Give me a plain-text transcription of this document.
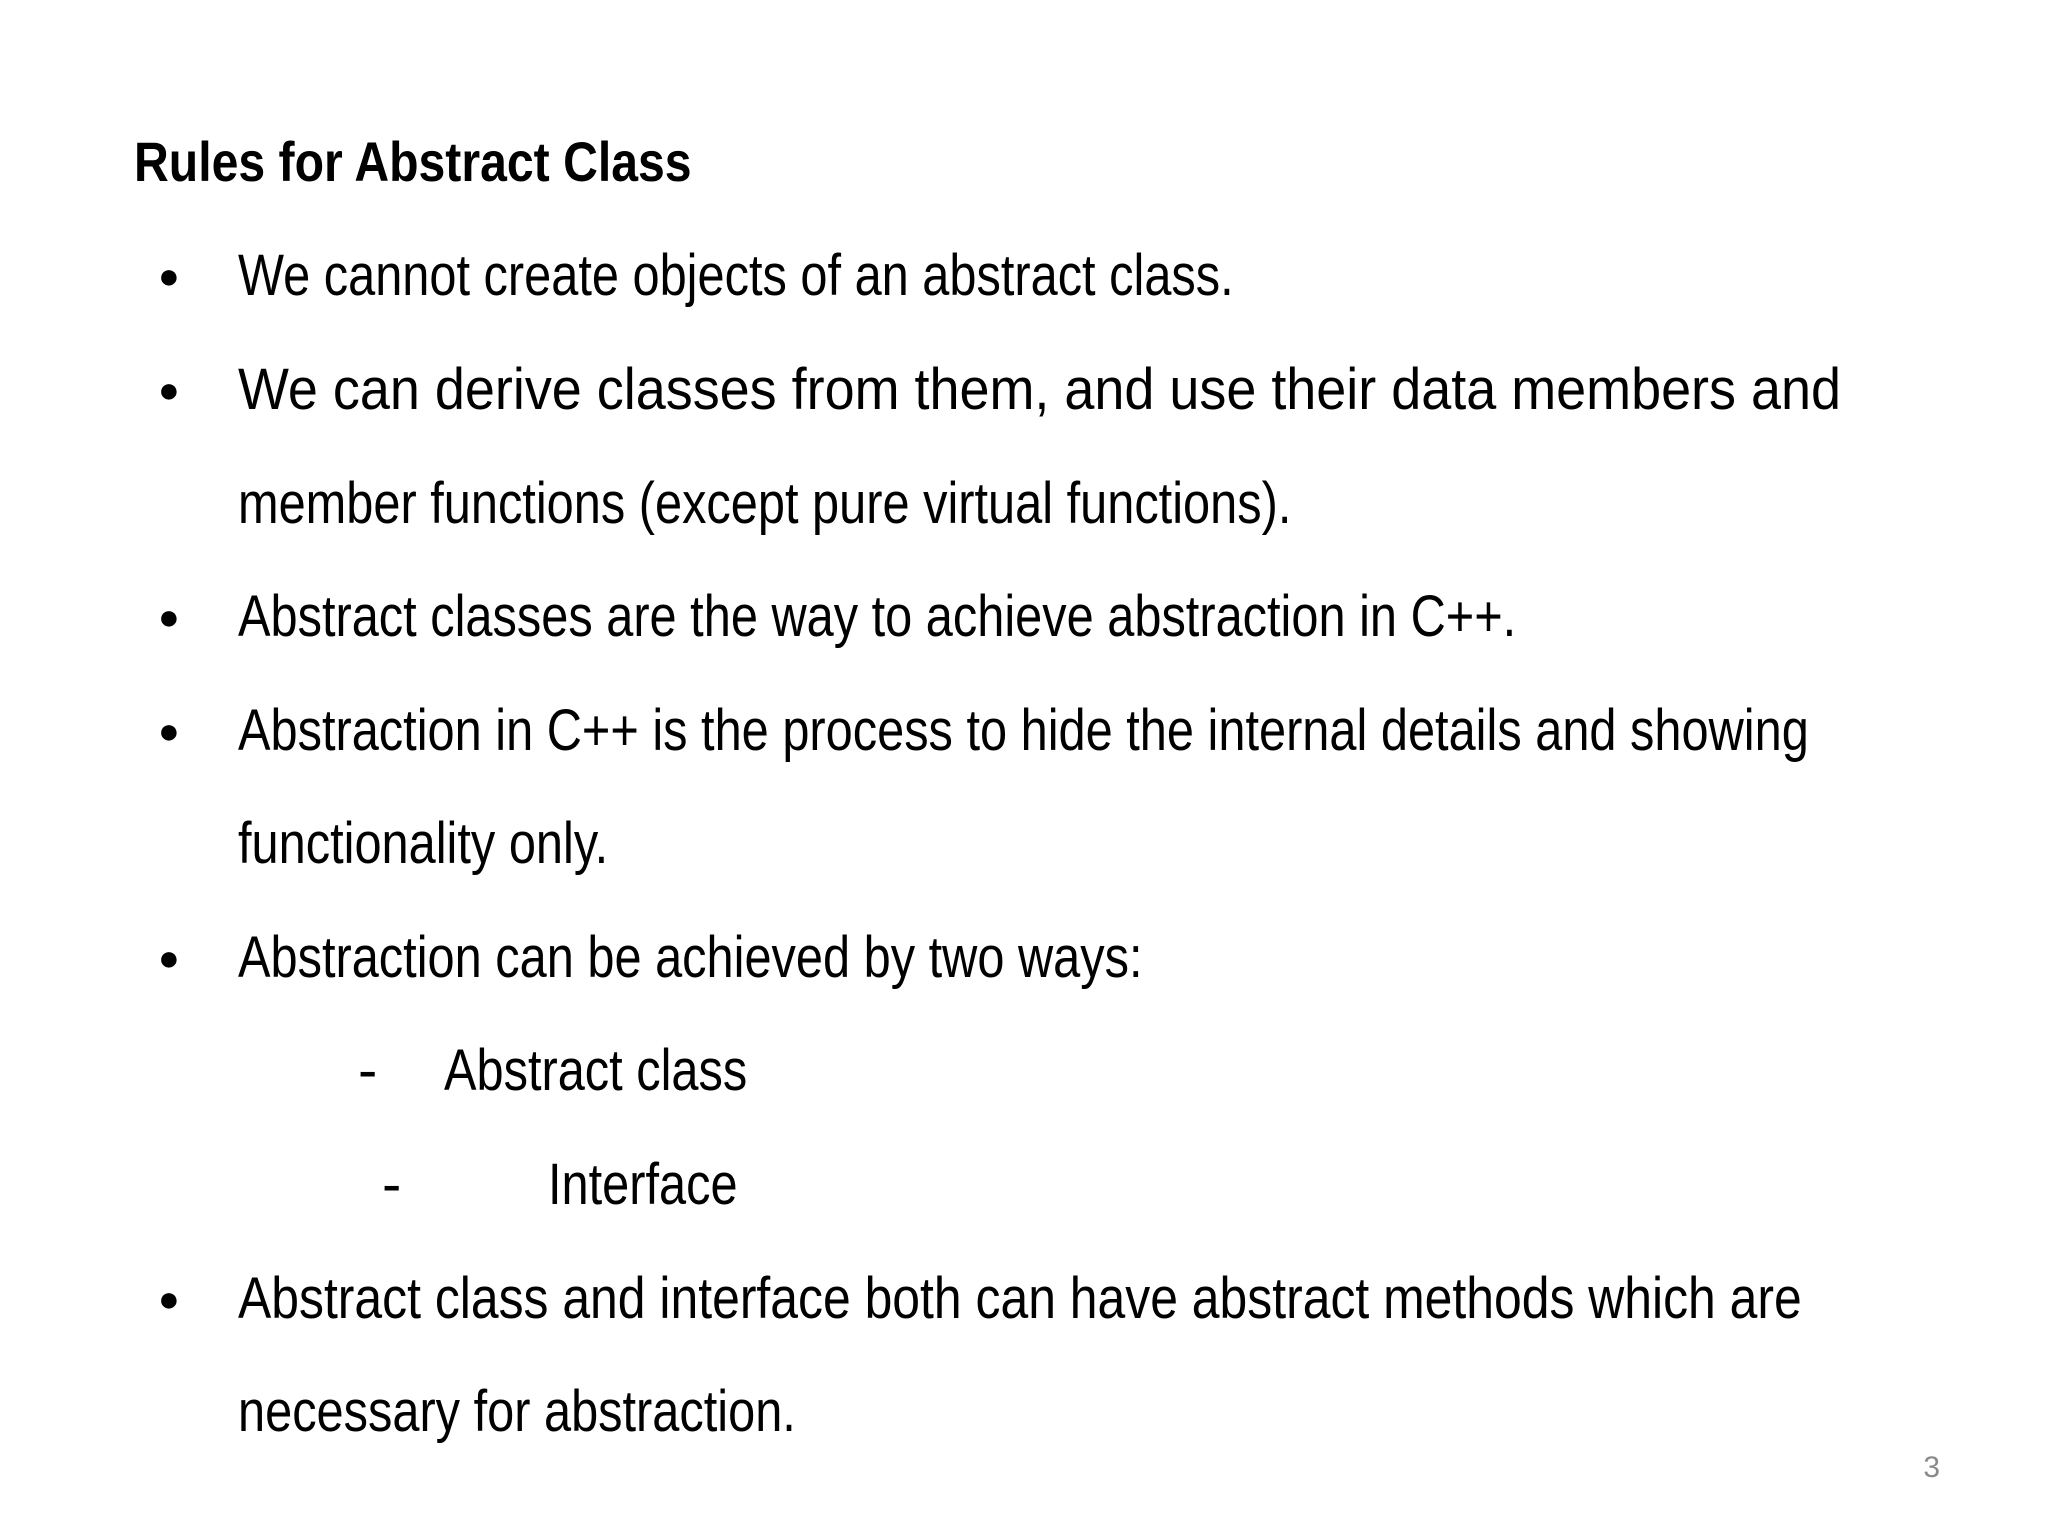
Rules for Abstract Class
● We cannot create objects of an abstract class.
● We can derive classes from them, and use their data members and
member functions (except pure virtual functions).
● Abstract classes are the way to achieve abstraction in C++.
● Abstraction in C++ is the process to hide the internal details and showing
functionality only.
● Abstraction can be achieved by two ways:
- Abstract class
-	Interface
● Abstract class and interface both can have abstract methods which are
necessary for abstraction.
3
